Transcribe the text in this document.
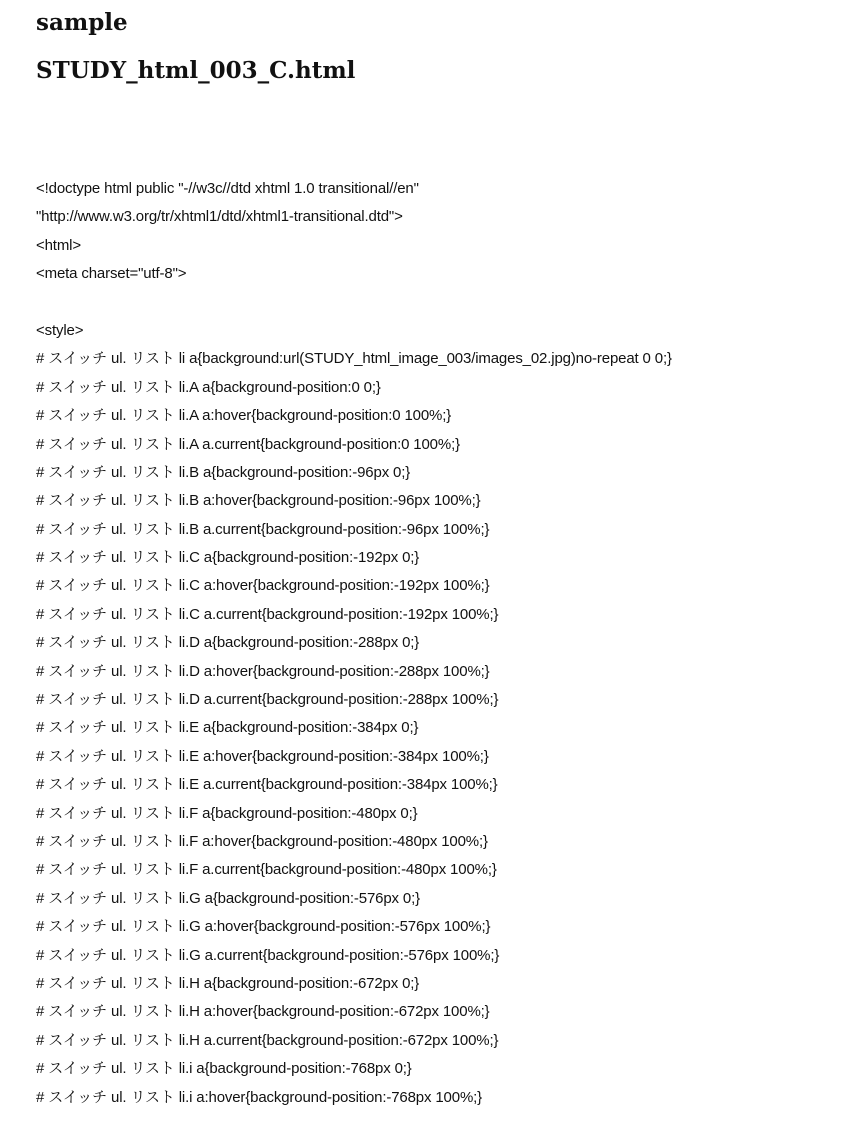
sample
STUDY_html_003_C.html
<!doctype html public "-//w3c//dtd xhtml 1.0 transitional//en"
"http://www.w3.org/tr/xhtml1/dtd/xhtml1-transitional.dtd">
<html>
<meta charset="utf-8">
<style>
# スイッチ ul. リスト li a{background:url(STUDY_html_image_003/images_02.jpg)no-repeat 0 0;}
# スイッチ ul. リスト li.A a{background-position:0 0;}
# スイッチ ul. リスト li.A a:hover{background-position:0 100%;}
# スイッチ ul. リスト li.A a.current{background-position:0 100%;}
# スイッチ ul. リスト li.B a{background-position:-96px 0;}
# スイッチ ul. リスト li.B a:hover{background-position:-96px 100%;}
# スイッチ ul. リスト li.B a.current{background-position:-96px 100%;}
# スイッチ ul. リスト li.C a{background-position:-192px 0;}
# スイッチ ul. リスト li.C a:hover{background-position:-192px 100%;}
# スイッチ ul. リスト li.C a.current{background-position:-192px 100%;}
# スイッチ ul. リスト li.D a{background-position:-288px 0;}
# スイッチ ul. リスト li.D a:hover{background-position:-288px 100%;}
# スイッチ ul. リスト li.D a.current{background-position:-288px 100%;}
# スイッチ ul. リスト li.E a{background-position:-384px 0;}
# スイッチ ul. リスト li.E a:hover{background-position:-384px 100%;}
# スイッチ ul. リスト li.E a.current{background-position:-384px 100%;}
# スイッチ ul. リスト li.F a{background-position:-480px 0;}
# スイッチ ul. リスト li.F a:hover{background-position:-480px 100%;}
# スイッチ ul. リスト li.F a.current{background-position:-480px 100%;}
# スイッチ ul. リスト li.G a{background-position:-576px 0;}
# スイッチ ul. リスト li.G a:hover{background-position:-576px 100%;}
# スイッチ ul. リスト li.G a.current{background-position:-576px 100%;}
# スイッチ ul. リスト li.H a{background-position:-672px 0;}
# スイッチ ul. リスト li.H a:hover{background-position:-672px 100%;}
# スイッチ ul. リスト li.H a.current{background-position:-672px 100%;}
# スイッチ ul. リスト li.i a{background-position:-768px 0;}
# スイッチ ul. リスト li.i a:hover{background-position:-768px 100%;}
